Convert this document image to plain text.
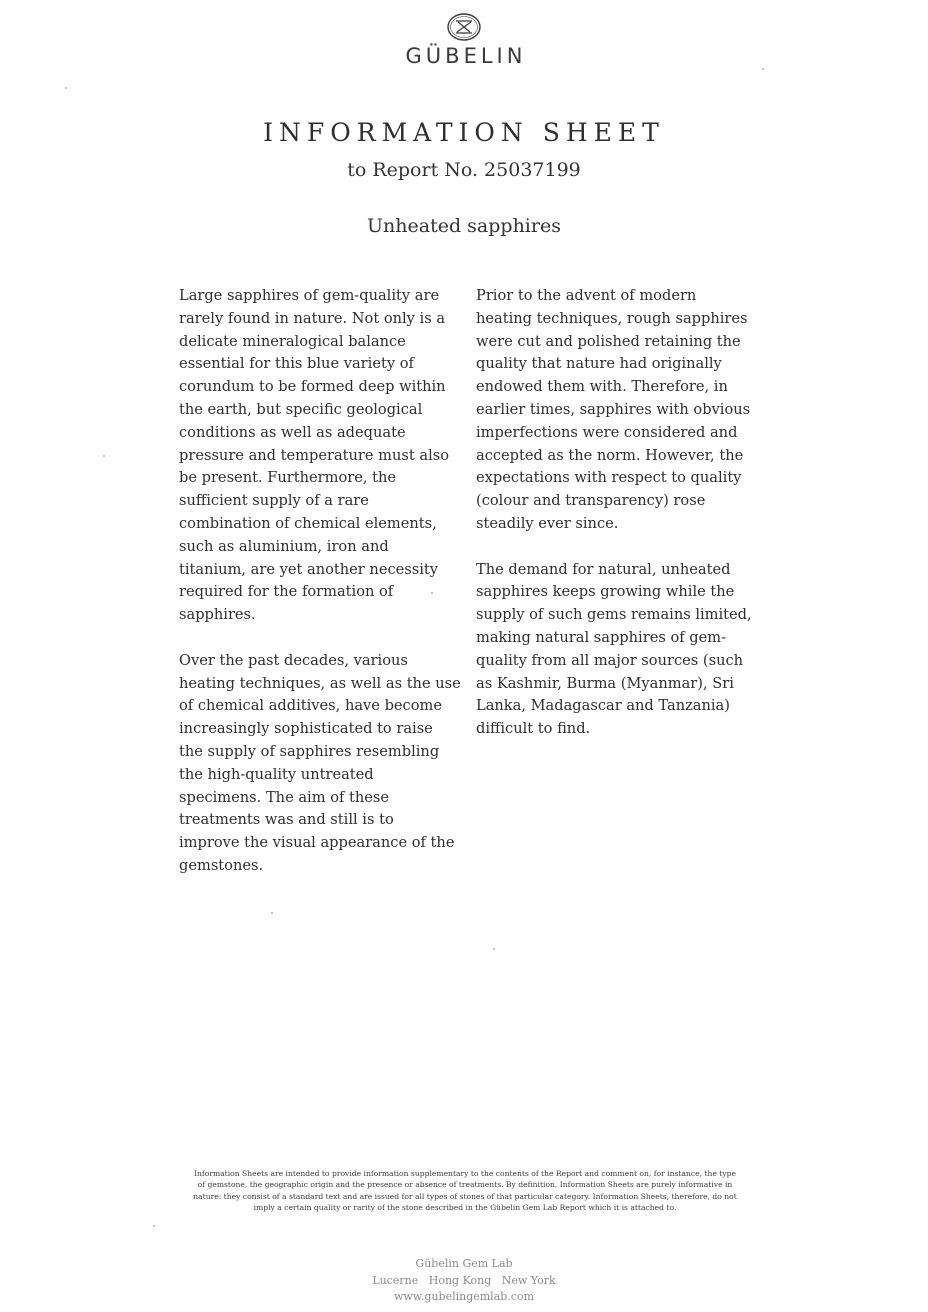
GÜBELIN
INFORMATION SHEET
to Report No. 25037199
Unheated sapphires

Large sapphires of gem-quality are
rarely found in nature. Not only is a
delicate mineralogical balance
essential for this blue variety of
corundum to be formed deep within
the earth, but specific geological
conditions as well as adequate
pressure and temperature must also
be present. Furthermore, the
sufficient supply of a rare
combination of chemical elements,
such as aluminium, iron and
titanium, are yet another necessity
required for the formation of
sapphires.

Over the past decades, various
heating techniques, as well as the use
of chemical additives, have become
increasingly sophisticated to raise
the supply of sapphires resembling
the high-quality untreated
specimens. The aim of these
treatments was and still is to
improve the visual appearance of the
gemstones.

Prior to the advent of modern
heating techniques, rough sapphires
were cut and polished retaining the
quality that nature had originally
endowed them with. Therefore, in
earlier times, sapphires with obvious
imperfections were considered and
accepted as the norm. However, the
expectations with respect to quality
(colour and transparency) rose
steadily ever since.

The demand for natural, unheated
sapphires keeps growing while the
supply of such gems remains limited,
making natural sapphires of gem-
quality from all major sources (such
as Kashmir, Burma (Myanmar), Sri
Lanka, Madagascar and Tanzania)
difficult to find.

Information Sheets are intended to provide information supplementary to the contents of the Report and comment on, for instance, the type
of gemstone, the geographic origin and the presence or absence of treatments. By definition, Information Sheets are purely informative in
nature: they consist of a standard text and are issued for all types of stones of that particular category. Information Sheets, therefore, do not
imply a certain quality or rarity of the stone described in the Gübelin Gem Lab Report which it is attached to.
Gübelin Gem Lab
Lucerne   Hong Kong   New York
www.gubelingemlab.com
